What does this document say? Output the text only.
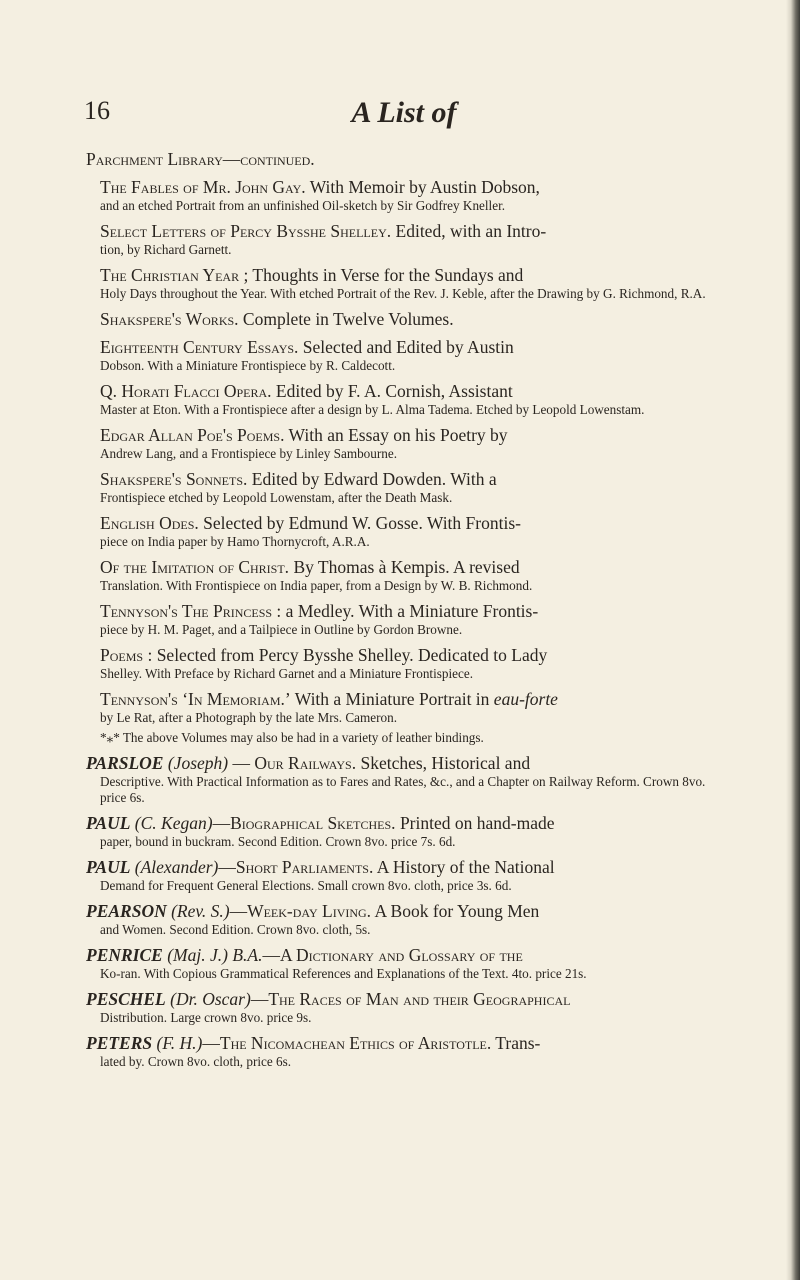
16	A List of
Parchment Library—continued.
The Fables of Mr. John Gay. With Memoir by Austin Dobson,
and an etched Portrait from an unfinished Oil-sketch by Sir Godfrey Kneller.
Select Letters of Percy Bysshe Shelley. Edited, with an Intro-
tion, by Richard Garnett.
The Christian Year ; Thoughts in Verse for the Sundays and
Holy Days throughout the Year. With etched Portrait of the Rev. J. Keble, after the Drawing by G. Richmond, R.A.
Shakspere's Works. Complete in Twelve Volumes.
Eighteenth Century Essays. Selected and Edited by Austin
Dobson. With a Miniature Frontispiece by R. Caldecott.
Q. Horati Flacci Opera. Edited by F. A. Cornish, Assistant
Master at Eton. With a Frontispiece after a design by L. Alma Tadema. Etched by Leopold Lowenstam.
Edgar Allan Poe's Poems. With an Essay on his Poetry by
Andrew Lang, and a Frontispiece by Linley Sambourne.
Shakspere's Sonnets. Edited by Edward Dowden. With a
Frontispiece etched by Leopold Lowenstam, after the Death Mask.
English Odes. Selected by Edmund W. Gosse. With Frontis-
piece on India paper by Hamo Thornycroft, A.R.A.
Of the Imitation of Christ. By Thomas à Kempis. A revised
Translation. With Frontispiece on India paper, from a Design by W. B. Richmond.
Tennyson's The Princess : a Medley. With a Miniature Frontis-
piece by H. M. Paget, and a Tailpiece in Outline by Gordon Browne.
Poems : Selected from Percy Bysshe Shelley. Dedicated to Lady
Shelley. With Preface by Richard Garnet and a Miniature Frontispiece.
Tennyson's ‘In Memoriam.’ With a Miniature Portrait in eau-forte
by Le Rat, after a Photograph by the late Mrs. Cameron.
*⁎* The above Volumes may also be had in a variety of leather bindings.
PARSLOE (Joseph) — Our Railways. Sketches, Historical and
Descriptive. With Practical Information as to Fares and Rates, &c., and a Chapter on Railway Reform. Crown 8vo. price 6s.
PAUL (C. Kegan)—Biographical Sketches. Printed on hand-made
paper, bound in buckram. Second Edition. Crown 8vo. price 7s. 6d.
PAUL (Alexander)—Short Parliaments. A History of the National
Demand for Frequent General Elections. Small crown 8vo. cloth, price 3s. 6d.
PEARSON (Rev. S.)—Week-day Living. A Book for Young Men
and Women. Second Edition. Crown 8vo. cloth, 5s.
PENRICE (Maj. J.) B.A.—A Dictionary and Glossary of the
Ko-ran. With Copious Grammatical References and Explanations of the Text. 4to. price 21s.
PESCHEL (Dr. Oscar)—The Races of Man and their Geographical
Distribution. Large crown 8vo. price 9s.
PETERS (F. H.)—The Nicomachean Ethics of Aristotle. Trans-
lated by. Crown 8vo. cloth, price 6s.
